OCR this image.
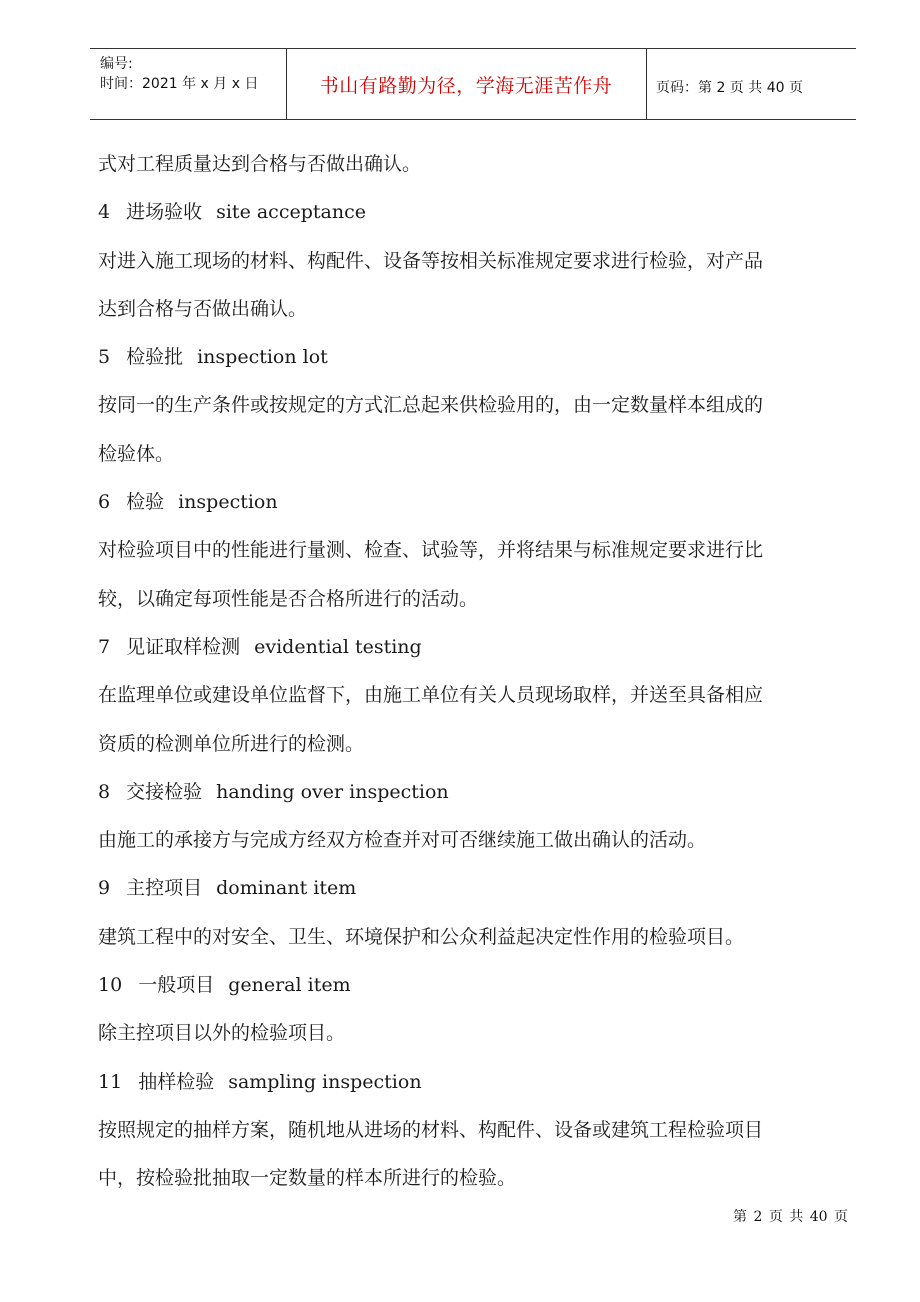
编号:
时间：2021 年 x 月 x 日	书山有路勤为径，学海无涯苦作舟	页码：第 2 页 共 40 页
式对工程质量达到合格与否做出确认。
4 进场验收 site acceptance
对进入施工现场的材料、构配件、设备等按相关标准规定要求进行检验，对产品
达到合格与否做出确认。
5 检验批 inspection lot
按同一的生产条件或按规定的方式汇总起来供检验用的，由一定数量样本组成的
检验体。
6 检验 inspection
对检验项目中的性能进行量测、检查、试验等，并将结果与标准规定要求进行比
较，以确定每项性能是否合格所进行的活动。
7 见证取样检测 evidential testing
在监理单位或建设单位监督下，由施工单位有关人员现场取样，并送至具备相应
资质的检测单位所进行的检测。
8 交接检验 handing over inspection
由施工的承接方与完成方经双方检查并对可否继续施工做出确认的活动。
9 主控项目 dominant item
建筑工程中的对安全、卫生、环境保护和公众利益起决定性作用的检验项目。
10 一般项目 general item
除主控项目以外的检验项目。
11 抽样检验 sampling inspection
按照规定的抽样方案，随机地从进场的材料、构配件、设备或建筑工程检验项目
中，按检验批抽取一定数量的样本所进行的检验。
第 2 页 共 40 页
